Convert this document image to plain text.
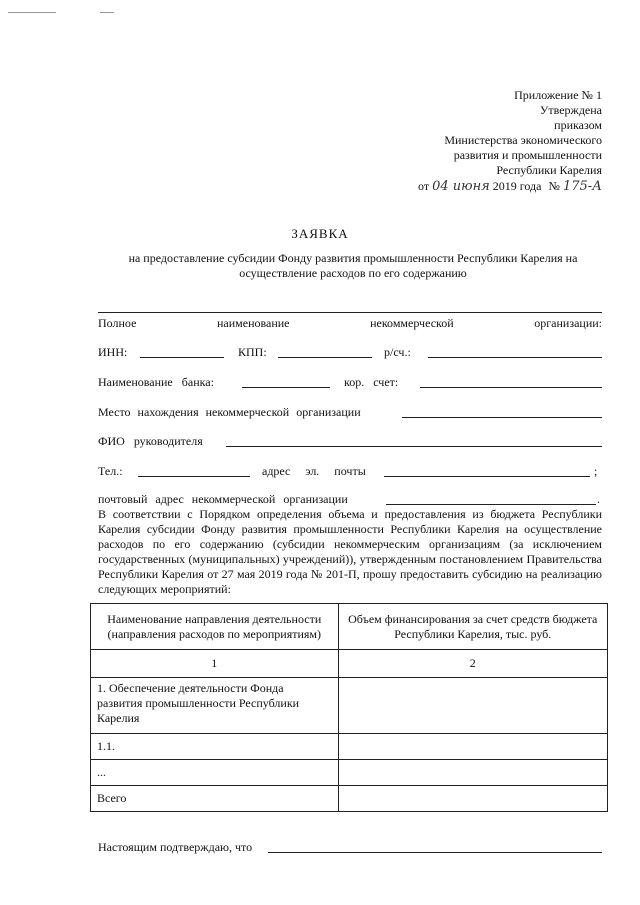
Приложение № 1
Утверждена
приказом
Министерства экономического
развития и промышленности
Республики Карелия
от 04 июня 2019 года № 175-А
ЗАЯВКА
на предоставление субсидии Фонду развития промышленности Республики Карелия на осуществление расходов по его содержанию
Полное наименование некоммерческой организации:
ИНН:	КПП:	р/сч.:
Наименование банка:	кор. счет:
Место нахождения некоммерческой организации
ФИО руководителя
Тел.:	адрес эл. почты	;
почтовый адрес некоммерческой организации	.
В соответствии с Порядком определения объема и предоставления из бюджета Республики Карелия субсидии Фонду развития промышленности Республики Карелия на осуществление расходов по его содержанию (субсидии некоммерческим организациям (за исключением государственных (муниципальных) учреждений)), утвержденным постановлением Правительства Республики Карелия от 27 мая 2019 года № 201-П, прошу предоставить субсидию на реализацию следующих мероприятий:
Наименование направления деятельности (направления расходов по мероприятиям)	Объем финансирования за счет средств бюджета Республики Карелия, тыс. руб.
1	2
1. Обеспечение деятельности Фонда развития промышленности Республики Карелия	
1.1.	
...	
Всего	
Настоящим подтверждаю, что
